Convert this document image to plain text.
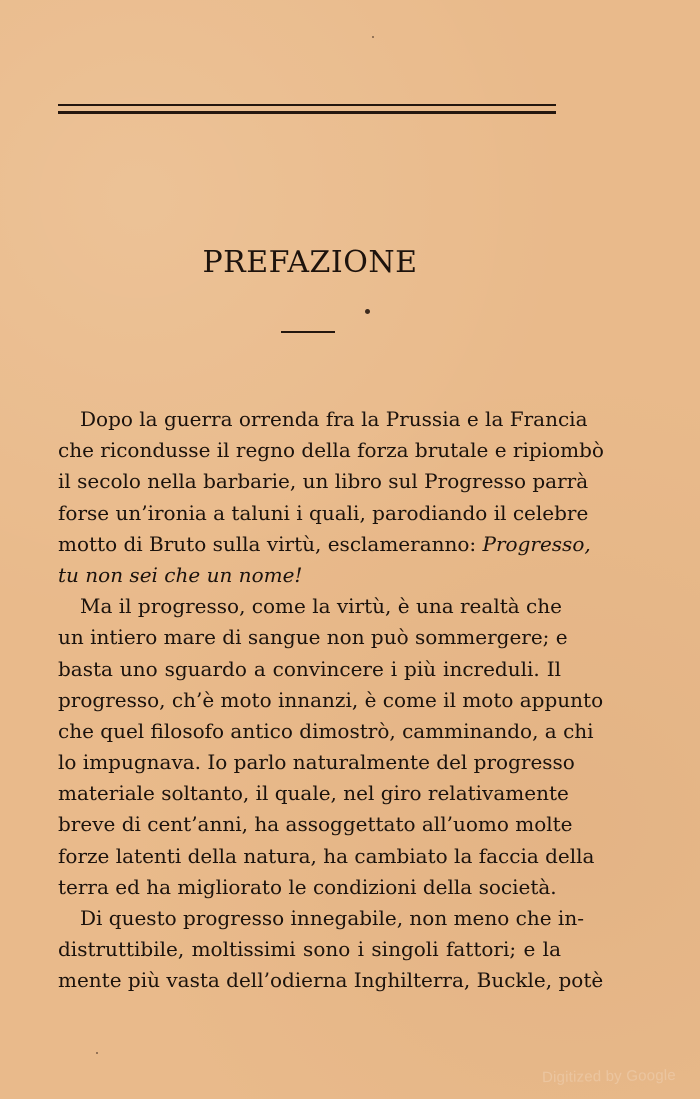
PREFAZIONE
Dopo la guerra orrenda fra la Prussia e la Francia
che ricondusse il regno della forza brutale e ripiombò
il secolo nella barbarie, un libro sul Progresso parrà
forse un’ironia a taluni i quali, parodiando il celebre
motto di Bruto sulla virtù, esclameranno: Progresso,
tu non sei che un nome!
Ma il progresso, come la virtù, è una realtà che
un intiero mare di sangue non può sommergere; e
basta uno sguardo a convincere i più increduli. Il
progresso, ch’è moto innanzi, è come il moto appunto
che quel filosofo antico dimostrò, camminando, a chi
lo impugnava. Io parlo naturalmente del progresso
materiale soltanto, il quale, nel giro relativamente
breve di cent’anni, ha assoggettato all’uomo molte
forze latenti della natura, ha cambiato la faccia della
terra ed ha migliorato le condizioni della società.
Di questo progresso innegabile, non meno che in-
distruttibile, moltissimi sono i singoli fattori; e la
mente più vasta dell’odierna Inghilterra, Buckle, potè
Digitized by Google
